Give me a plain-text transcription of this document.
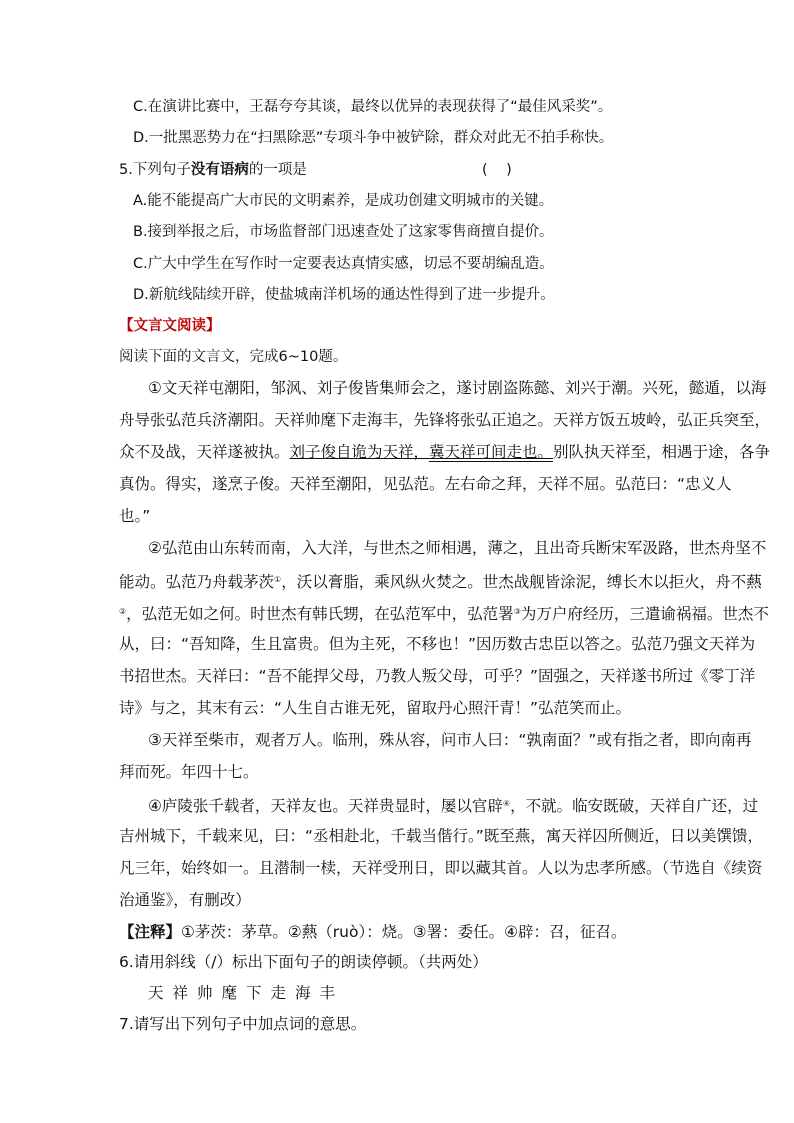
C.在演讲比赛中，王磊夸夸其谈，最终以优异的表现获得了“最佳风采奖”。
D.一批黑恶势力在“扫黑除恶”专项斗争中被铲除，群众对此无不拍手称快。
5.下列句子没有语病的一项是	(    )
A.能不能提高广大市民的文明素养，是成功创建文明城市的关键。
B.接到举报之后，市场监督部门迅速查处了这家零售商擅自提价。
C.广大中学生在写作时一定要表达真情实感，切忌不要胡编乱造。
D.新航线陆续开辟，使盐城南洋机场的通达性得到了进一步提升。
【文言文阅读】
阅读下面的文言文，完成6~10题。
①文天祥屯潮阳，邹沨、刘子俊皆集师会之，遂讨剧盗陈懿、刘兴于潮。兴死，懿遁，以海
舟导张弘范兵济潮阳。天祥帅麾下走海丰，先锋将张弘正追之。天祥方饭五坡岭，弘正兵突至，
众不及战，天祥遂被执。刘子俊自诡为天祥，冀天祥可间走也。别队执天祥至，相遇于途，各争
真伪。得实，遂烹子俊。天祥至潮阳，见弘范。左右命之拜，天祥不屈。弘范曰：“忠义人
也。”
②弘范由山东转而南，入大洋，与世杰之师相遇，薄之，且出奇兵断宋军汲路，世杰舟坚不
能动。弘范乃舟载茅茨①，沃以膏脂，乘风纵火焚之。世杰战舰皆涂泥，缚长木以拒火，舟不爇
②，弘范无如之何。时世杰有韩氏甥，在弘范军中，弘范署③为万户府经历，三遣谕祸福。世杰不
从，曰：“吾知降，生且富贵。但为主死，不移也！”因历数古忠臣以答之。弘范乃强文天祥为
书招世杰。天祥曰：“吾不能捍父母，乃教人叛父母，可乎？”固强之，天祥遂书所过《零丁洋
诗》与之，其末有云：“人生自古谁无死，留取丹心照汗青！”弘范笑而止。
③天祥至柴市，观者万人。临刑，殊从容，问市人曰：“孰南面？”或有指之者，即向南再
拜而死。年四十七。
④庐陵张千载者，天祥友也。天祥贵显时，屡以官辟④，不就。临安既破，天祥自广还，过
吉州城下，千载来见，曰：“丞相赴北，千载当偕行。”既至燕，寓天祥囚所侧近，日以美馔馈，
凡三年，始终如一。且潜制一椟，天祥受刑日，即以藏其首。人以为忠孝所感。（节选自《续资
治通鉴》，有删改）
【注释】①茅茨：茅草。②爇（ruò）：烧。③署：委任。④辟：召，征召。
6.请用斜线（/）标出下面句子的朗读停顿。（共两处）
天祥帅麾下走海丰
7.请写出下列句子中加点词的意思。
